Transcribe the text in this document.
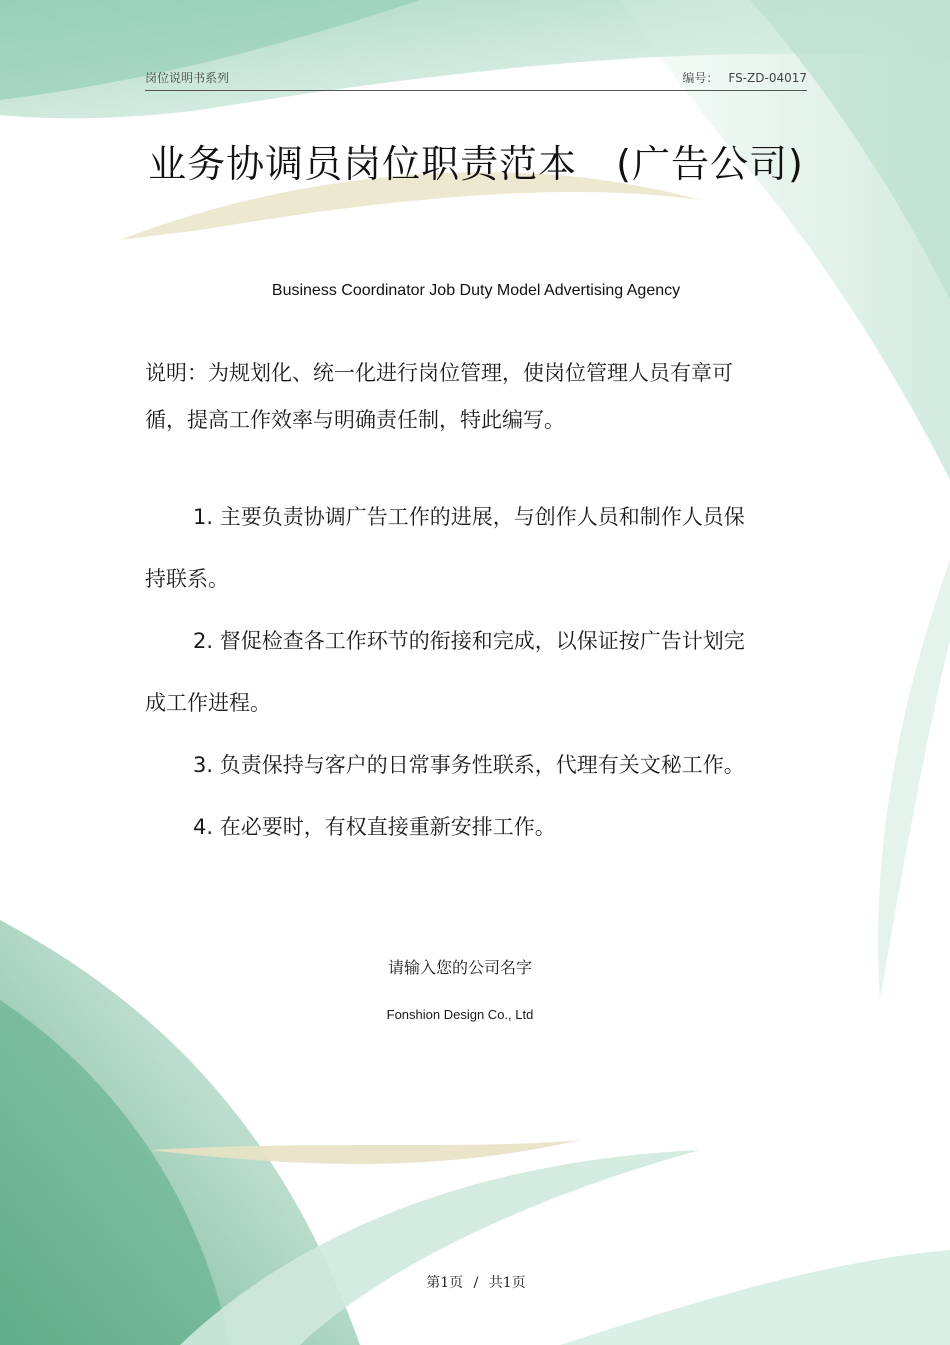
岗位说明书系列	编号： FS-ZD-04017
业务协调员岗位职责范本　(广告公司)
Business Coordinator Job Duty Model Advertising Agency
说明：为规划化、统一化进行岗位管理，使岗位管理人员有章可循，提高工作效率与明确责任制，特此编写。

1. 主要负责协调广告工作的进展，与创作人员和制作人员保持联系。

2. 督促检查各工作环节的衔接和完成，以保证按广告计划完成工作进程。

3. 负责保持与客户的日常事务性联系，代理有关文秘工作。

4. 在必要时，有权直接重新安排工作。

请输入您的公司名字
Fonshion Design Co., Ltd
第1页 / 共1页
